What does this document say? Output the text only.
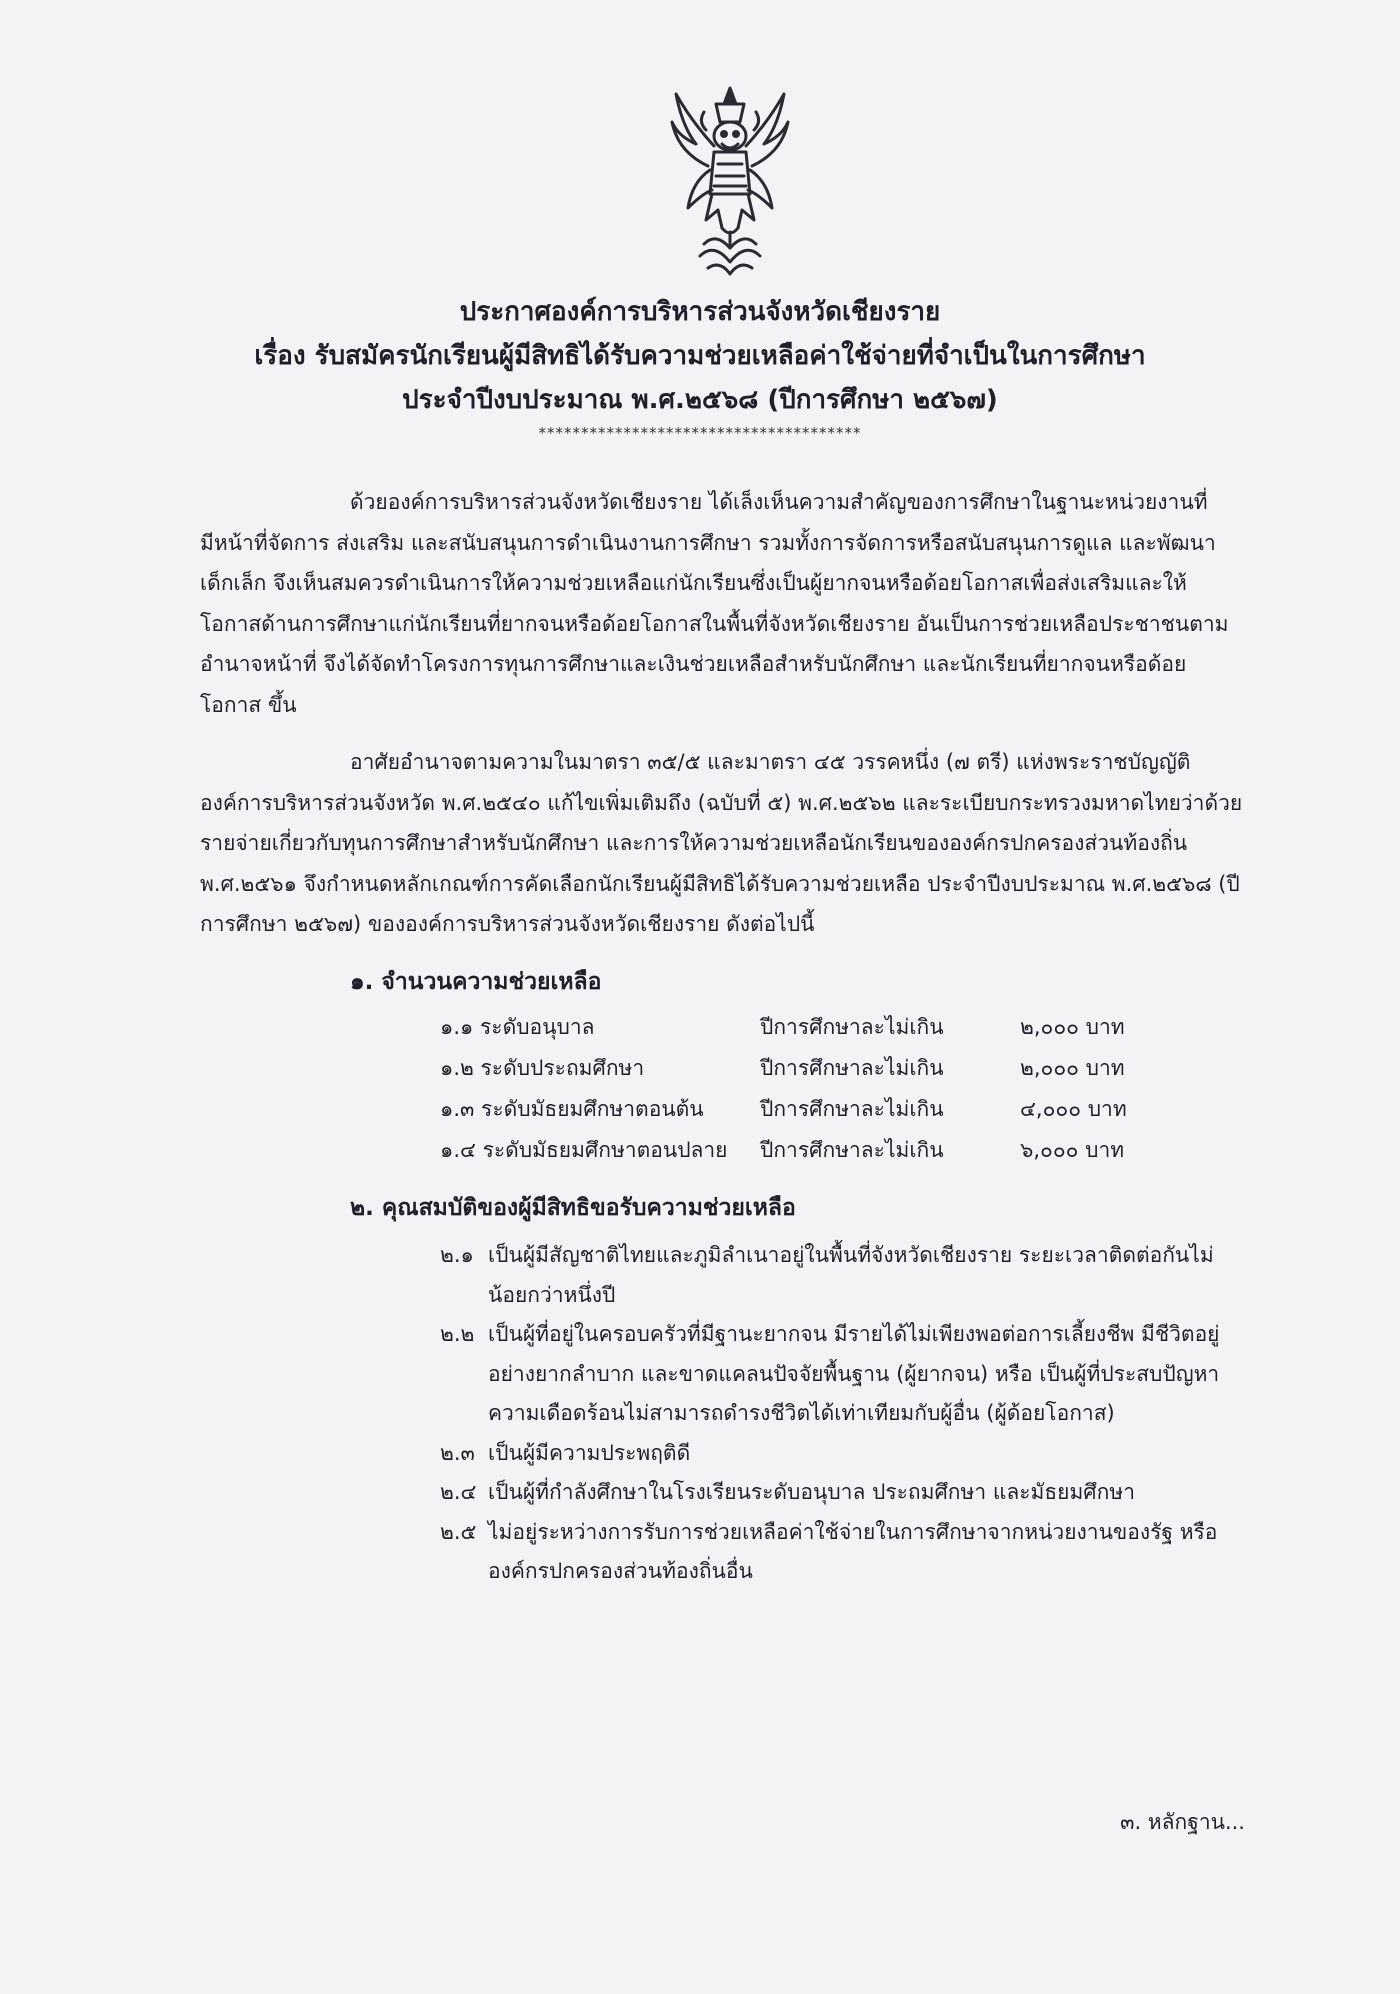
ประกาศองค์การบริหารส่วนจังหวัดเชียงราย
เรื่อง รับสมัครนักเรียนผู้มีสิทธิได้รับความช่วยเหลือค่าใช้จ่ายที่จำเป็นในการศึกษา
ประจำปีงบประมาณ พ.ศ.๒๕๖๘ (ปีการศึกษา ๒๕๖๗)
**************************************
ด้วยองค์การบริหารส่วนจังหวัดเชียงราย ได้เล็งเห็นความสำคัญของการศึกษาในฐานะหน่วยงานที่มีหน้าที่จัดการ ส่งเสริม และสนับสนุนการดำเนินงานการศึกษา รวมทั้งการจัดการหรือสนับสนุนการดูแล และพัฒนาเด็กเล็ก จึงเห็นสมควรดำเนินการให้ความช่วยเหลือแก่นักเรียนซึ่งเป็นผู้ยากจนหรือด้อยโอกาสเพื่อส่งเสริมและให้โอกาสด้านการศึกษาแก่นักเรียนที่ยากจนหรือด้อยโอกาสในพื้นที่จังหวัดเชียงราย อันเป็นการช่วยเหลือประชาชนตามอำนาจหน้าที่ จึงได้จัดทำโครงการทุนการศึกษาและเงินช่วยเหลือสำหรับนักศึกษา และนักเรียนที่ยากจนหรือด้อยโอกาส ขึ้น
อาศัยอำนาจตามความในมาตรา ๓๕/๕ และมาตรา ๔๕ วรรคหนึ่ง (๗ ตรี) แห่งพระราชบัญญัติองค์การบริหารส่วนจังหวัด พ.ศ.๒๕๔๐ แก้ไขเพิ่มเติมถึง (ฉบับที่ ๕) พ.ศ.๒๕๖๒ และระเบียบกระทรวงมหาดไทยว่าด้วยรายจ่ายเกี่ยวกับทุนการศึกษาสำหรับนักศึกษา และการให้ความช่วยเหลือนักเรียนขององค์กรปกครองส่วนท้องถิ่น พ.ศ.๒๕๖๑ จึงกำหนดหลักเกณฑ์การคัดเลือกนักเรียนผู้มีสิทธิได้รับความช่วยเหลือ ประจำปีงบประมาณ พ.ศ.๒๕๖๘ (ปีการศึกษา ๒๕๖๗) ขององค์การบริหารส่วนจังหวัดเชียงราย ดังต่อไปนี้
๑. จำนวนความช่วยเหลือ
๑.๑ ระดับอนุบาล	ปีการศึกษาละไม่เกิน	๒,๐๐๐ บาท
๑.๒ ระดับประถมศึกษา	ปีการศึกษาละไม่เกิน	๒,๐๐๐ บาท
๑.๓ ระดับมัธยมศึกษาตอนต้น	ปีการศึกษาละไม่เกิน	๔,๐๐๐ บาท
๑.๔ ระดับมัธยมศึกษาตอนปลาย	ปีการศึกษาละไม่เกิน	๖,๐๐๐ บาท
๒. คุณสมบัติของผู้มีสิทธิขอรับความช่วยเหลือ
๒.๑ เป็นผู้มีสัญชาติไทยและภูมิลำเนาอยู่ในพื้นที่จังหวัดเชียงราย ระยะเวลาติดต่อกันไม่น้อยกว่าหนึ่งปี
๒.๒ เป็นผู้ที่อยู่ในครอบครัวที่มีฐานะยากจน มีรายได้ไม่เพียงพอต่อการเลี้ยงชีพ มีชีวิตอยู่อย่างยากลำบาก และขาดแคลนปัจจัยพื้นฐาน (ผู้ยากจน) หรือ เป็นผู้ที่ประสบปัญหาความเดือดร้อนไม่สามารถดำรงชีวิตได้เท่าเทียมกับผู้อื่น (ผู้ด้อยโอกาส)
๒.๓ เป็นผู้มีความประพฤติดี
๒.๔ เป็นผู้ที่กำลังศึกษาในโรงเรียนระดับอนุบาล ประถมศึกษา และมัธยมศึกษา
๒.๕ ไม่อยู่ระหว่างการรับการช่วยเหลือค่าใช้จ่ายในการศึกษาจากหน่วยงานของรัฐ หรือองค์กรปกครองส่วนท้องถิ่นอื่น
๓. หลักฐาน...
